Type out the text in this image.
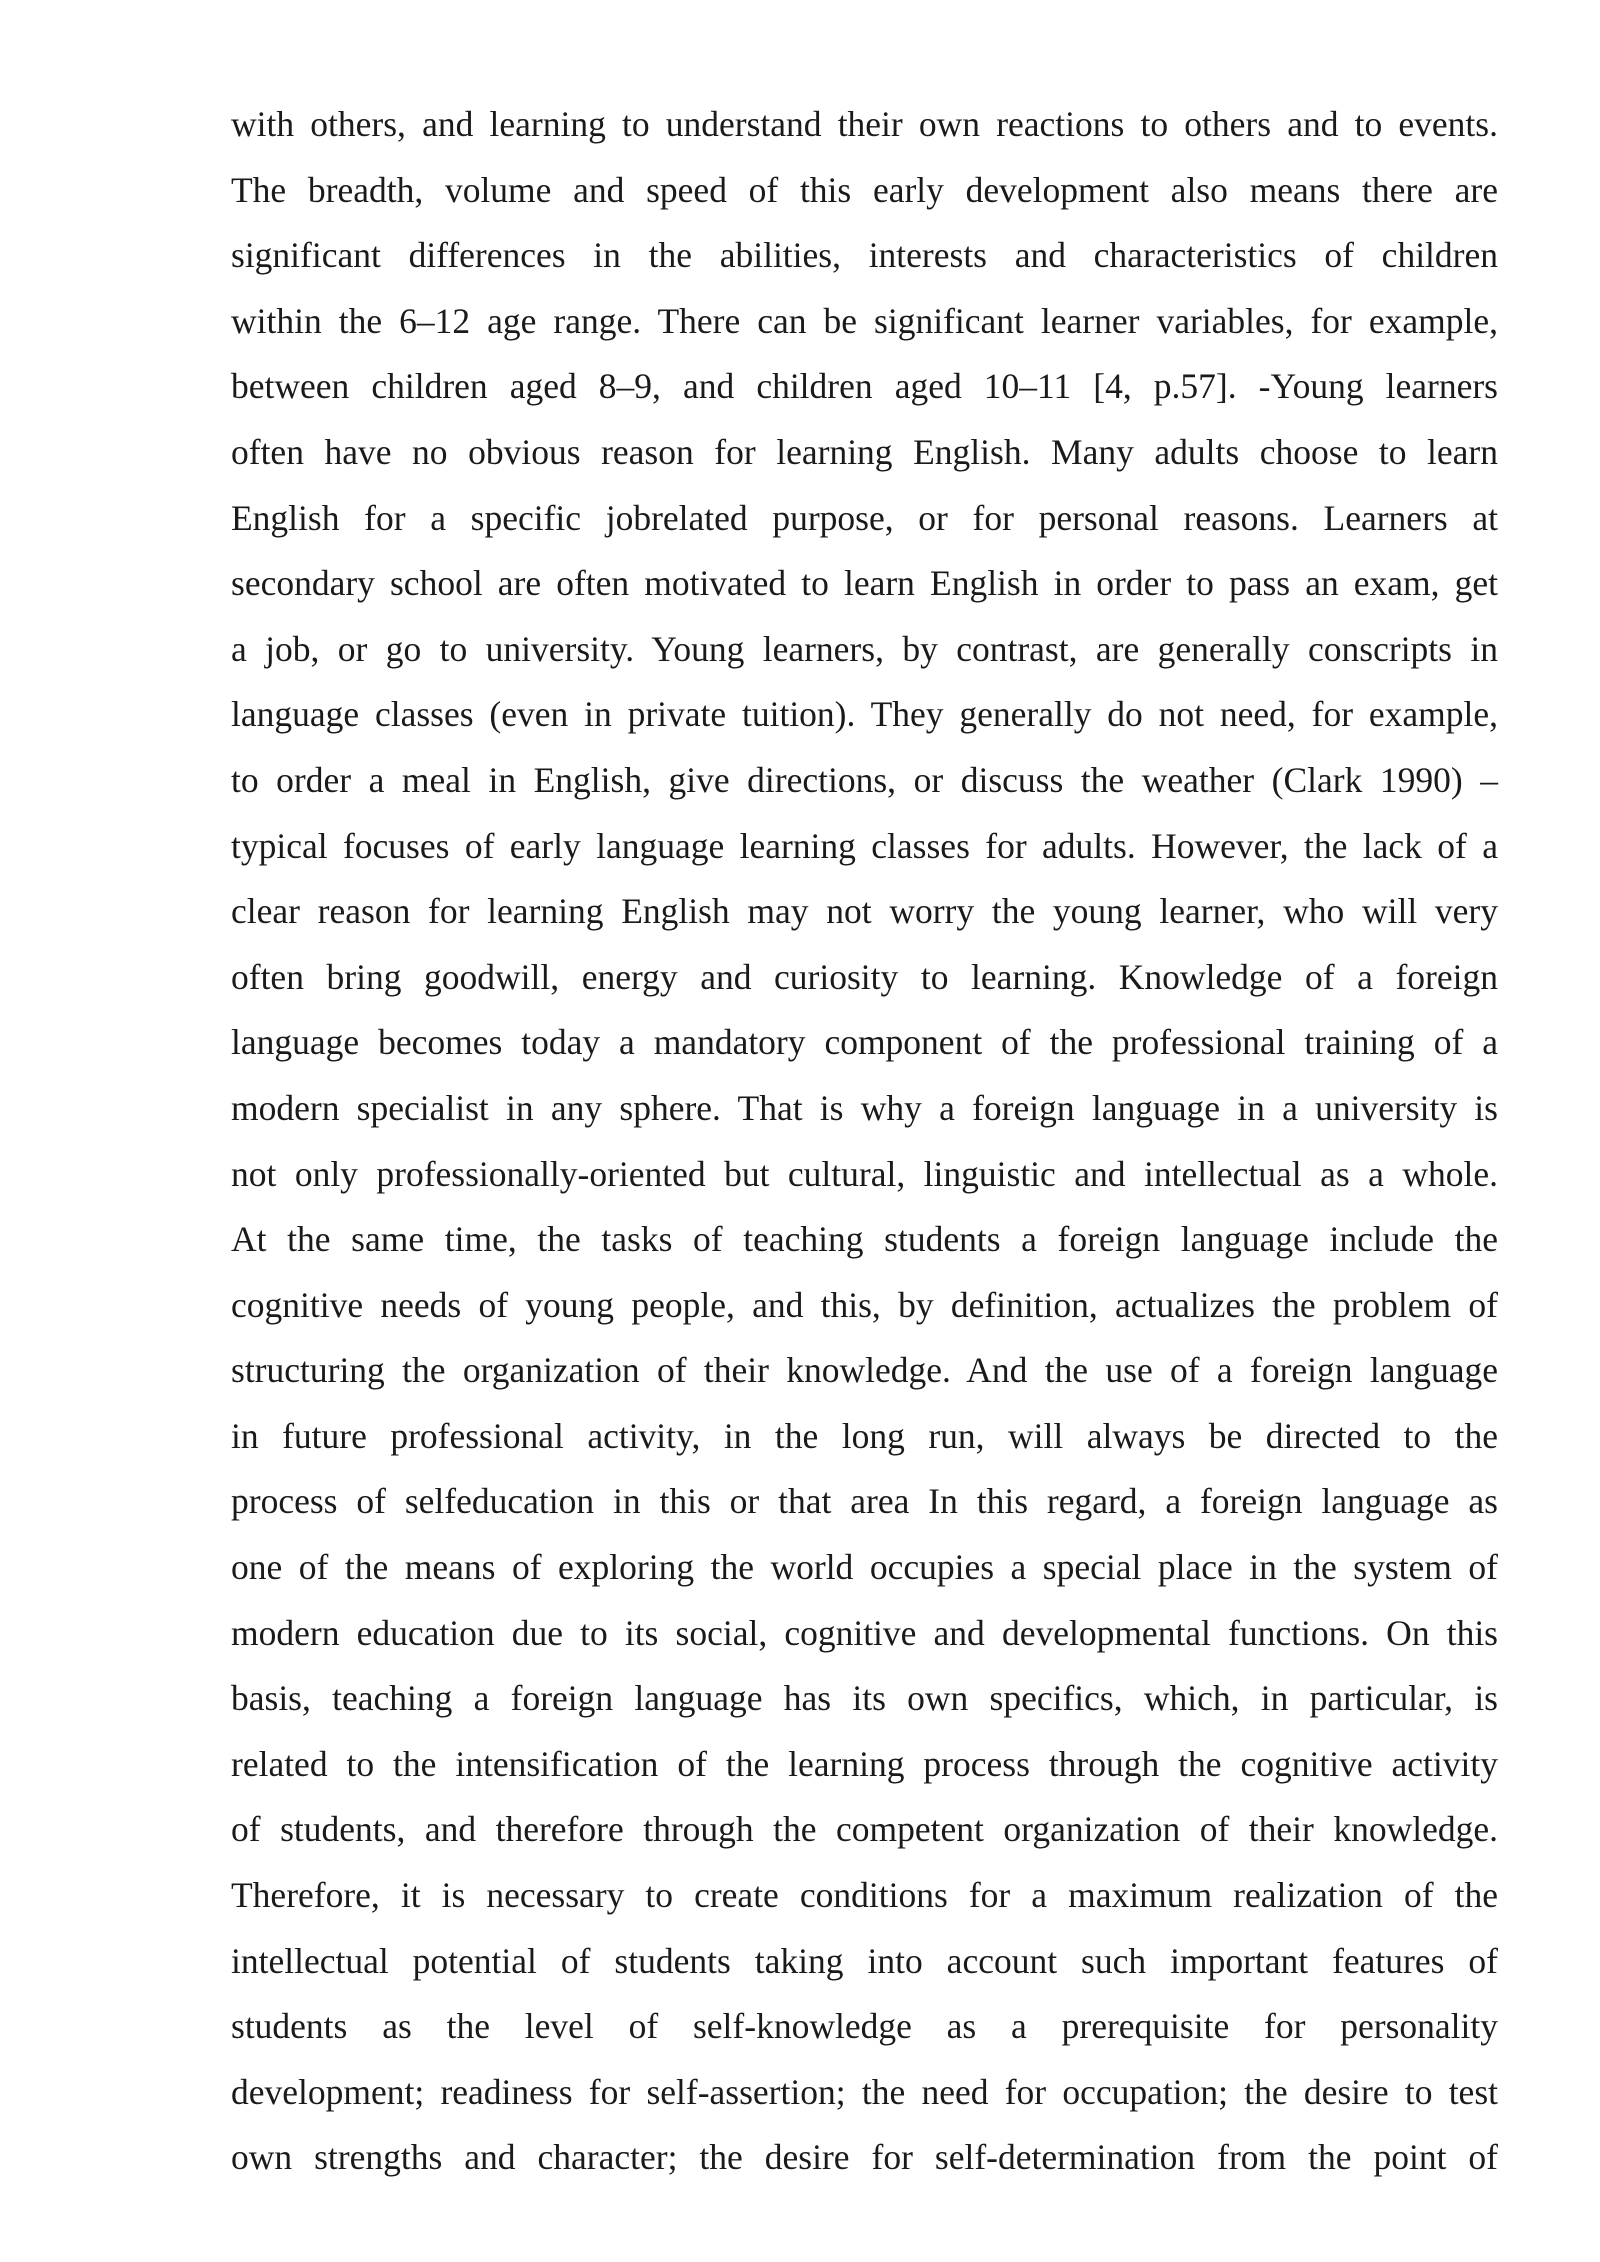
with others, and learning to understand their own reactions to others and to events.
The breadth, volume and speed of this early development also means there are
significant differences in the abilities, interests and characteristics of children
within the 6–12 age range. There can be significant learner variables, for example,
between children aged 8–9, and children aged 10–11 [4, p.57]. -Young learners
often have no obvious reason for learning English. Many adults choose to learn
English for a specific jobrelated purpose, or for personal reasons. Learners at
secondary school are often motivated to learn English in order to pass an exam, get
a job, or go to university. Young learners, by contrast, are generally conscripts in
language classes (even in private tuition). They generally do not need, for example,
to order a meal in English, give directions, or discuss the weather (Clark 1990) –
typical focuses of early language learning classes for adults. However, the lack of a
clear reason for learning English may not worry the young learner, who will very
often bring goodwill, energy and curiosity to learning. Knowledge of a foreign
language becomes today a mandatory component of the professional training of a
modern specialist in any sphere. That is why a foreign language in a university is
not only professionally-oriented but cultural, linguistic and intellectual as a whole.
At the same time, the tasks of teaching students a foreign language include the
cognitive needs of young people, and this, by definition, actualizes the problem of
structuring the organization of their knowledge. And the use of a foreign language
in future professional activity, in the long run, will always be directed to the
process of selfeducation in this or that area In this regard, a foreign language as
one of the means of exploring the world occupies a special place in the system of
modern education due to its social, cognitive and developmental functions. On this
basis, teaching a foreign language has its own specifics, which, in particular, is
related to the intensification of the learning process through the cognitive activity
of students, and therefore through the competent organization of their knowledge.
Therefore, it is necessary to create conditions for a maximum realization of the
intellectual potential of students taking into account such important features of
students as the level of self-knowledge as a prerequisite for personality
development; readiness for self-assertion; the need for occupation; the desire to test
own strengths and character; the desire for self-determination from the point of
